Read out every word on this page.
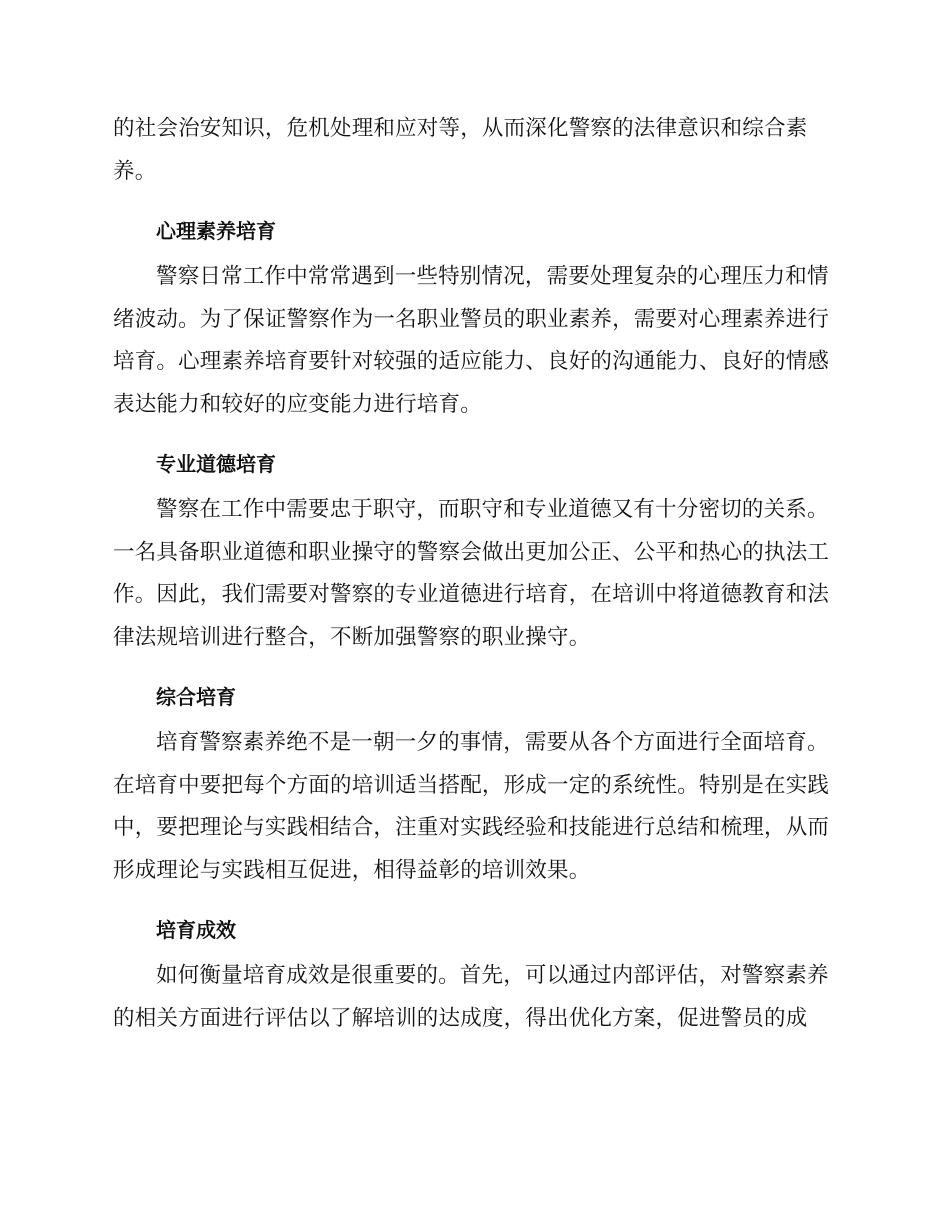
的社会治安知识，危机处理和应对等，从而深化警察的法律意识和综合素养。

心理素养培育

警察日常工作中常常遇到一些特别情况，需要处理复杂的心理压力和情绪波动。为了保证警察作为一名职业警员的职业素养，需要对心理素养进行培育。心理素养培育要针对较强的适应能力、良好的沟通能力、良好的情感表达能力和较好的应变能力进行培育。

专业道德培育

警察在工作中需要忠于职守，而职守和专业道德又有十分密切的关系。一名具备职业道德和职业操守的警察会做出更加公正、公平和热心的执法工作。因此，我们需要对警察的专业道德进行培育，在培训中将道德教育和法律法规培训进行整合，不断加强警察的职业操守。

综合培育

培育警察素养绝不是一朝一夕的事情，需要从各个方面进行全面培育。在培育中要把每个方面的培训适当搭配，形成一定的系统性。特别是在实践中，要把理论与实践相结合，注重对实践经验和技能进行总结和梳理，从而形成理论与实践相互促进，相得益彰的培训效果。

培育成效

如何衡量培育成效是很重要的。首先，可以通过内部评估，对警察素养的相关方面进行评估以了解培训的达成度，得出优化方案，促进警员的成
